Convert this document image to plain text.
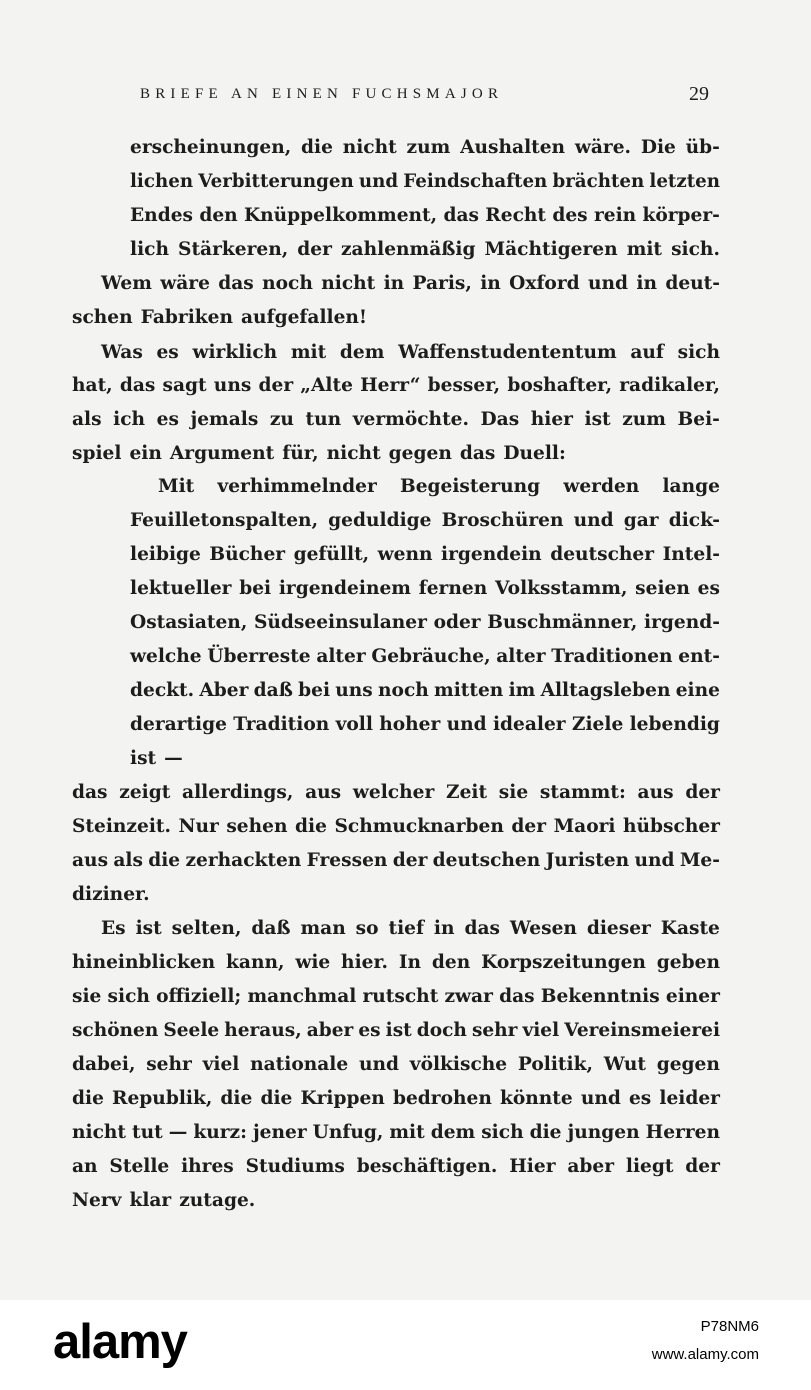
BRIEFE AN EINEN FUCHSMAJOR	29
erscheinungen, die nicht zum Aushalten wäre. Die üb-
lichen Verbitterungen und Feindschaften brächten letzten
Endes den Knüppelkomment, das Recht des rein körper-
lich Stärkeren, der zahlenmäßig Mächtigeren mit sich.
Wem wäre das noch nicht in Paris, in Oxford und in deut-
schen Fabriken aufgefallen!
Was es wirklich mit dem Waffenstudententum auf sich
hat, das sagt uns der „Alte Herr“ besser, boshafter, radikaler,
als ich es jemals zu tun vermöchte. Das hier ist zum Bei-
spiel ein Argument für, nicht gegen das Duell:
Mit verhimmelnder Begeisterung werden lange
Feuilletonspalten, geduldige Broschüren und gar dick-
leibige Bücher gefüllt, wenn irgendein deutscher Intel-
lektueller bei irgendeinem fernen Volksstamm, seien es
Ostasiaten, Südseeinsulaner oder Buschmänner, irgend-
welche Überreste alter Gebräuche, alter Traditionen ent-
deckt. Aber daß bei uns noch mitten im Alltagsleben eine
derartige Tradition voll hoher und idealer Ziele lebendig
ist —
das zeigt allerdings, aus welcher Zeit sie stammt: aus der
Steinzeit. Nur sehen die Schmucknarben der Maori hübscher
aus als die zerhackten Fressen der deutschen Juristen und Me-
diziner.
Es ist selten, daß man so tief in das Wesen dieser Kaste
hineinblicken kann, wie hier. In den Korpszeitungen geben
sie sich offiziell; manchmal rutscht zwar das Bekenntnis einer
schönen Seele heraus, aber es ist doch sehr viel Vereinsmeierei
dabei, sehr viel nationale und völkische Politik, Wut gegen
die Republik, die die Krippen bedrohen könnte und es leider
nicht tut — kurz: jener Unfug, mit dem sich die jungen Herren
an Stelle ihres Studiums beschäftigen. Hier aber liegt der
Nerv klar zutage.
alamy	P78NM6
www.alamy.com
